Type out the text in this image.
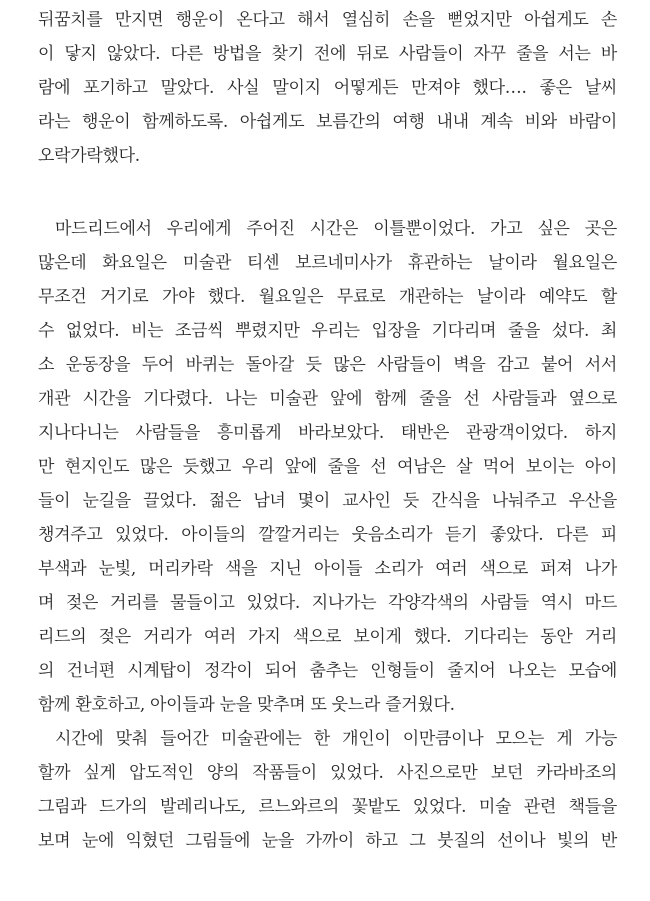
뒤꿈치를 만지면 행운이 온다고 해서 열심히 손을 뻗었지만 아쉽게도 손
이 닿지 않았다. 다른 방법을 찾기 전에 뒤로 사람들이 자꾸 줄을 서는 바
람에 포기하고 말았다. 사실 말이지 어떻게든 만져야 했다…. 좋은 날씨
라는 행운이 함께하도록. 아쉽게도 보름간의 여행 내내 계속 비와 바람이
오락가락했다.
마드리드에서 우리에게 주어진 시간은 이틀뿐이었다. 가고 싶은 곳은
많은데 화요일은 미술관 티센 보르네미사가 휴관하는 날이라 월요일은
무조건 거기로 가야 했다. 월요일은 무료로 개관하는 날이라 예약도 할
수 없었다. 비는 조금씩 뿌렸지만 우리는 입장을 기다리며 줄을 섰다. 최
소 운동장을 두어 바퀴는 돌아갈 듯 많은 사람들이 벽을 감고 붙어 서서
개관 시간을 기다렸다. 나는 미술관 앞에 함께 줄을 선 사람들과 옆으로
지나다니는 사람들을 흥미롭게 바라보았다. 태반은 관광객이었다. 하지
만 현지인도 많은 듯했고 우리 앞에 줄을 선 여남은 살 먹어 보이는 아이
들이 눈길을 끌었다. 젊은 남녀 몇이 교사인 듯 간식을 나눠주고 우산을
챙겨주고 있었다. 아이들의 깔깔거리는 웃음소리가 듣기 좋았다. 다른 피
부색과 눈빛, 머리카락 색을 지닌 아이들 소리가 여러 색으로 퍼져 나가
며 젖은 거리를 물들이고 있었다. 지나가는 각양각색의 사람들 역시 마드
리드의 젖은 거리가 여러 가지 색으로 보이게 했다. 기다리는 동안 거리
의 건너편 시계탑이 정각이 되어 춤추는 인형들이 줄지어 나오는 모습에
함께 환호하고, 아이들과 눈을 맞추며 또 웃느라 즐거웠다.
시간에 맞춰 들어간 미술관에는 한 개인이 이만큼이나 모으는 게 가능
할까 싶게 압도적인 양의 작품들이 있었다. 사진으로만 보던 카라바조의
그림과 드가의 발레리나도, 르느와르의 꽃밭도 있었다. 미술 관련 책들을
보며 눈에 익혔던 그림들에 눈을 가까이 하고 그 붓질의 선이나 빛의 반
